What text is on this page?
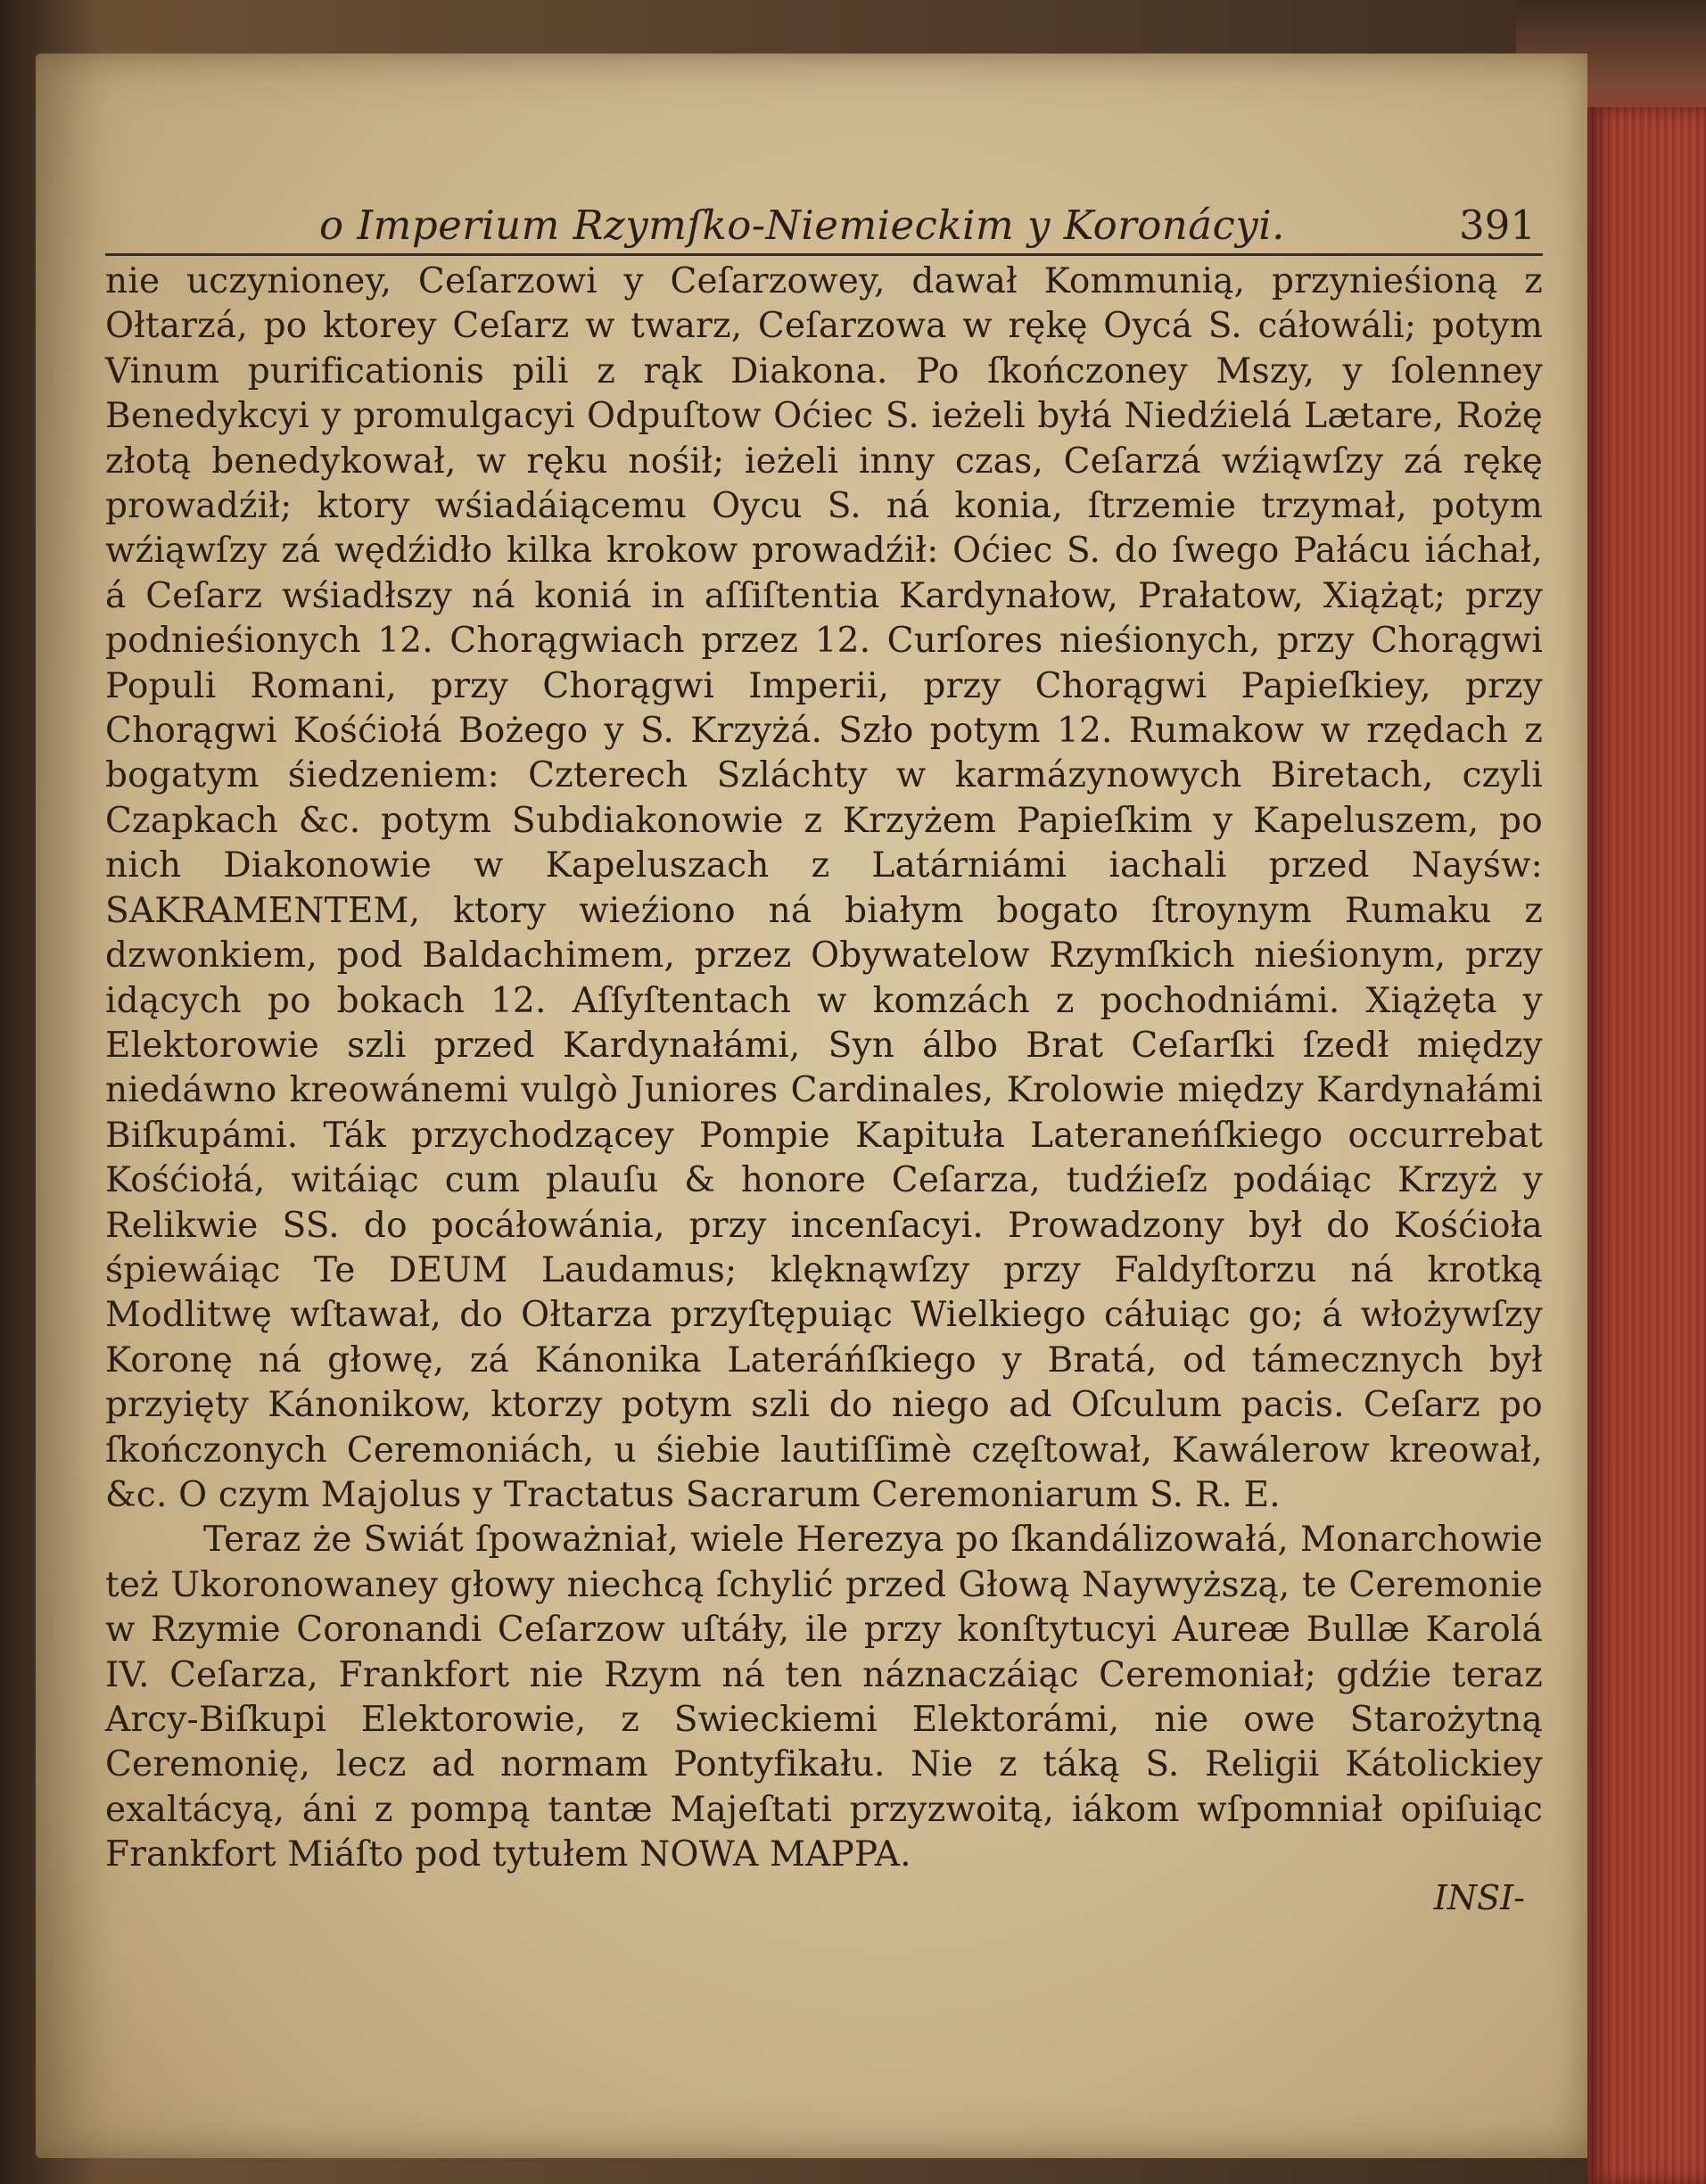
o Imperium Rzymſko-Niemieckim y Koronácyi.	391

nie uczynioney, Ceſarzowi y Ceſarzowey, dawał Kommunią, przynieśioną z Ołtarzá, po ktorey Ceſarz w twarz, Ceſarzowa w rękę Oycá S. cáłowáli; potym Vinum purificationis pili z rąk Diakona. Po ſkończoney Mszy, y ſolenney Benedykcyi y promulgacyi Odpuſtow Oćiec S. ieżeli byłá Niedźielá Lætare, Rożę złotą benedykował, w ręku nośił; ieżeli inny czas, Ceſarzá wźiąwſzy zá rękę prowadźił; ktory wśiadáiącemu Oycu S. ná konia, ſtrzemie trzymał, potym wźiąwſzy zá wędźidło kilka krokow prowadźił: Oćiec S. do ſwego Pałácu iáchał, á Ceſarz wśiadłszy ná koniá in aſſiſtentia Kardynałow, Prałatow, Xiążąt; przy podnieśionych 12. Chorągwiach przez 12. Curſores nieśionych, przy Chorągwi Populi Romani, przy Chorągwi Imperii, przy Chorągwi Papieſkiey, przy Chorągwi Kośćiołá Bożego y S. Krzyżá. Szło potym 12. Rumakow w rzędach z bogatym śiedzeniem: Czterech Szláchty w karmázynowych Biretach, czyli Czapkach &c. potym Subdiakonowie z Krzyżem Papieſkim y Kapeluszem, po nich Diakonowie w Kapeluszach z Latárniámi iachali przed Nayśw: SAKRAMENTEM, ktory wieźiono ná białym bogato ſtroynym Rumaku z dzwonkiem, pod Baldachimem, przez Obywatelow Rzymſkich nieśionym, przy idących po bokach 12. Aſſyſtentach w komzách z pochodniámi. Xiążęta y Elektorowie szli przed Kardynałámi, Syn álbo Brat Ceſarſki ſzedł między niedáwno kreowánemi vulgò Juniores Cardinales, Krolowie między Kardynałámi Biſkupámi. Ták przychodzącey Pompie Kapituła Lateraneńſkiego occurrebat Kośćiołá, witáiąc cum plauſu & honore Ceſarza, tudźieſz podáiąc Krzyż y Relikwie SS. do pocáłowánia, przy incenſacyi. Prowadzony był do Kośćioła śpiewáiąc Te DEUM Laudamus; klęknąwſzy przy Faldyſtorzu ná krotką Modlitwę wſtawał, do Ołtarza przyſtępuiąc Wielkiego cáłuiąc go; á włożywſzy Koronę ná głowę, zá Kánonika Lateráńſkiego y Bratá, od támecznych był przyięty Kánonikow, ktorzy potym szli do niego ad Oſculum pacis. Ceſarz po ſkończonych Ceremoniách, u śiebie lautiſſimè częſtował, Kawálerow kreował, &c. O czym Majolus y Tractatus Sacrarum Ceremoniarum S. R. E.

Teraz że Swiát ſpoważniał, wiele Herezya po ſkandálizowałá, Monarchowie też Ukoronowaney głowy niechcą ſchylić przed Głową Naywyższą, te Ceremonie w Rzymie Coronandi Ceſarzow uſtáły, ile przy konſtytucyi Aureæ Bullæ Karolá IV. Ceſarza, Frankfort nie Rzym ná ten náznaczáiąc Ceremoniał; gdźie teraz Arcy-Biſkupi Elektorowie, z Swieckiemi Elektorámi, nie owe Starożytną Ceremonię, lecz ad normam Pontyfikału. Nie z táką S. Religii Kátolickiey exaltácyą, áni z pompą tantæ Majeſtati przyzwoitą, iákom wſpomniał opiſuiąc Frankfort Miáſto pod tytułem NOWA MAPPA.

INSI-
